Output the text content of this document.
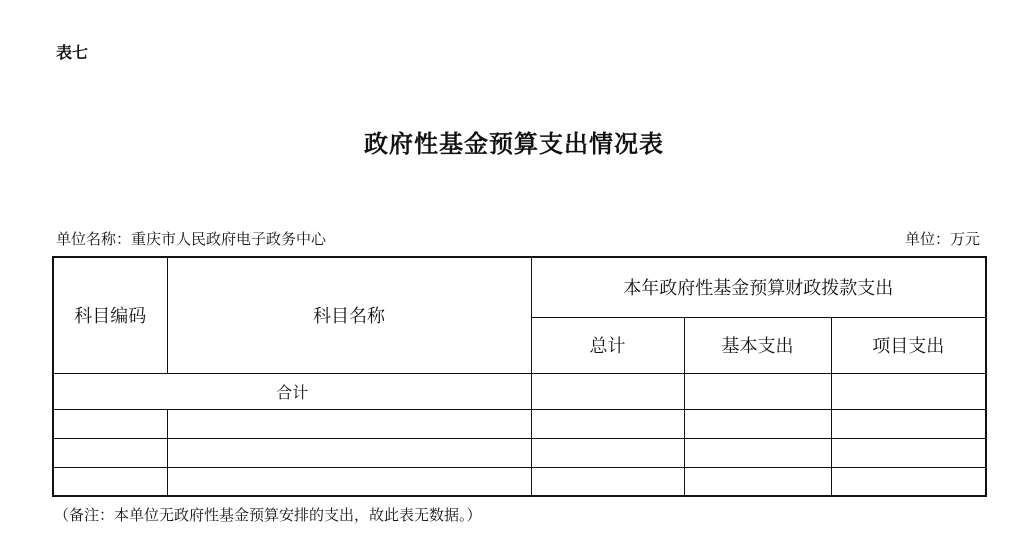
表七
政府性基金预算支出情况表
单位名称：重庆市人民政府电子政务中心	单位：万元
科目编码	科目名称	本年政府性基金预算财政拨款支出		
		总计	基本支出	项目支出
合计				

（备注：本单位无政府性基金预算安排的支出，故此表无数据。）
